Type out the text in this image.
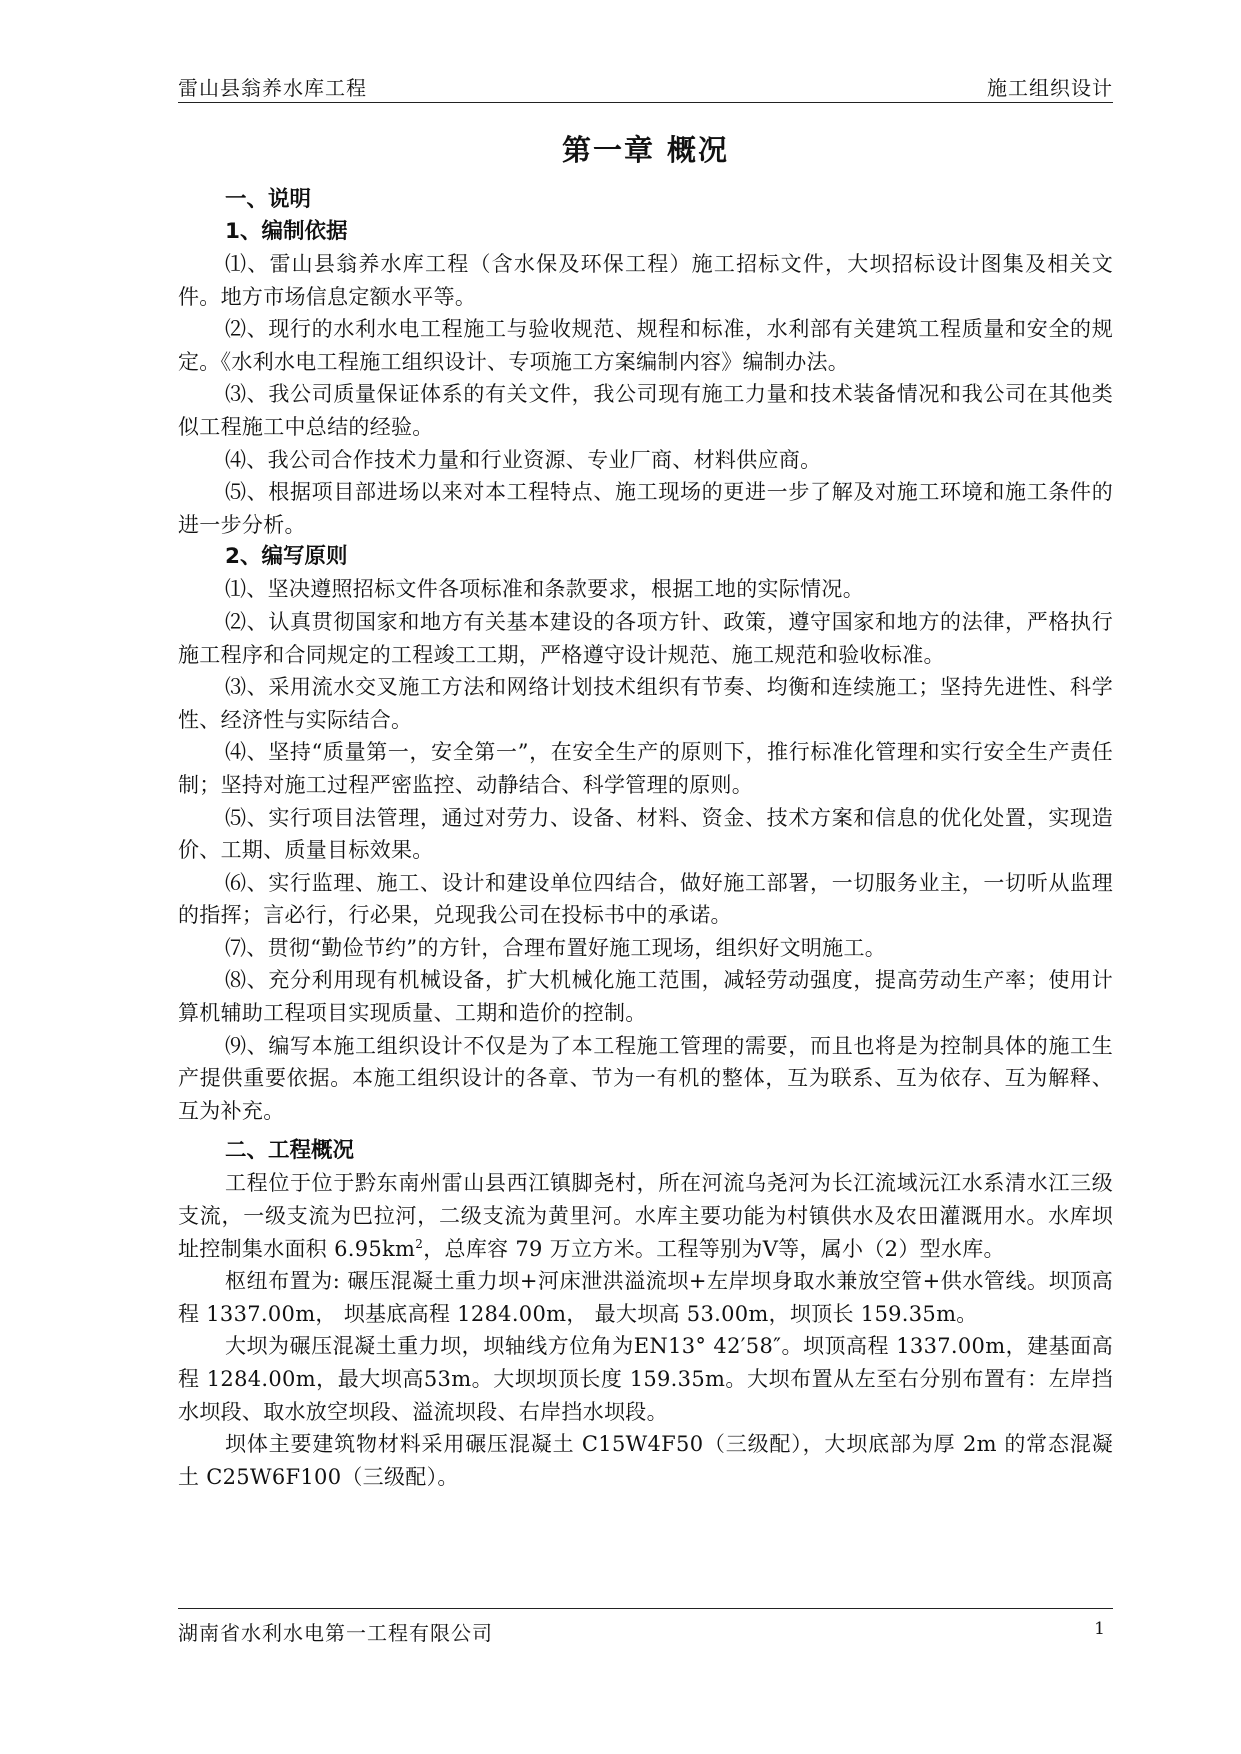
雷山县翁养水库工程	施工组织设计
第一章 概况
一、说明
1、编制依据

⑴、雷山县翁养水库工程（含水保及环保工程）施工招标文件，大坝招标设计图集及相关文件。地方市场信息定额水平等。

⑵、现行的水利水电工程施工与验收规范、规程和标准，水利部有关建筑工程质量和安全的规定。《水利水电工程施工组织设计、专项施工方案编制内容》编制办法。

⑶、我公司质量保证体系的有关文件，我公司现有施工力量和技术装备情况和我公司在其他类似工程施工中总结的经验。

⑷、我公司合作技术力量和行业资源、专业厂商、材料供应商。

⑸、根据项目部进场以来对本工程特点、施工现场的更进一步了解及对施工环境和施工条件的进一步分析。

2、编写原则

⑴、坚决遵照招标文件各项标准和条款要求，根据工地的实际情况。

⑵、认真贯彻国家和地方有关基本建设的各项方针、政策，遵守国家和地方的法律，严格执行施工程序和合同规定的工程竣工工期，严格遵守设计规范、施工规范和验收标准。

⑶、采用流水交叉施工方法和网络计划技术组织有节奏、均衡和连续施工；坚持先进性、科学性、经济性与实际结合。

⑷、坚持“质量第一，安全第一”，在安全生产的原则下，推行标准化管理和实行安全生产责任制；坚持对施工过程严密监控、动静结合、科学管理的原则。

⑸、实行项目法管理，通过对劳力、设备、材料、资金、技术方案和信息的优化处置，实现造价、工期、质量目标效果。

⑹、实行监理、施工、设计和建设单位四结合，做好施工部署，一切服务业主，一切听从监理的指挥；言必行，行必果，兑现我公司在投标书中的承诺。

⑺、贯彻“勤俭节约”的方针，合理布置好施工现场，组织好文明施工。

⑻、充分利用现有机械设备，扩大机械化施工范围，减轻劳动强度，提高劳动生产率；使用计算机辅助工程项目实现质量、工期和造价的控制。

⑼、编写本施工组织设计不仅是为了本工程施工管理的需要，而且也将是为控制具体的施工生产提供重要依据。本施工组织设计的各章、节为一有机的整体，互为联系、互为依存、互为解释、互为补充。

二、工程概况

工程位于位于黔东南州雷山县西江镇脚尧村，所在河流乌尧河为长江流域沅江水系清水江三级支流，一级支流为巴拉河，二级支流为黄里河。水库主要功能为村镇供水及农田灌溉用水。水库坝址控制集水面积 $6.95km^2$，总库容 79 万立方米。工程等别为Ⅴ等，属小（2）型水库。

枢纽布置为: 碾压混凝土重力坝+河床泄洪溢流坝+左岸坝身取水兼放空管+供水管线。坝顶高程 1337.00m， 坝基底高程 1284.00m， 最大坝高 53.00m，坝顶长 159.35m。

大坝为碾压混凝土重力坝，坝轴线方位角为EN13° 42′58″。坝顶高程 1337.00m，建基面高程 1284.00m，最大坝高53m。大坝坝顶长度 159.35m。大坝布置从左至右分别布置有：左岸挡水坝段、取水放空坝段、溢流坝段、右岸挡水坝段。

坝体主要建筑物材料采用碾压混凝土 C15W4F50（三级配），大坝底部为厚 2m 的常态混凝土 C25W6F100（三级配）。

湖南省水利水电第一工程有限公司	1
